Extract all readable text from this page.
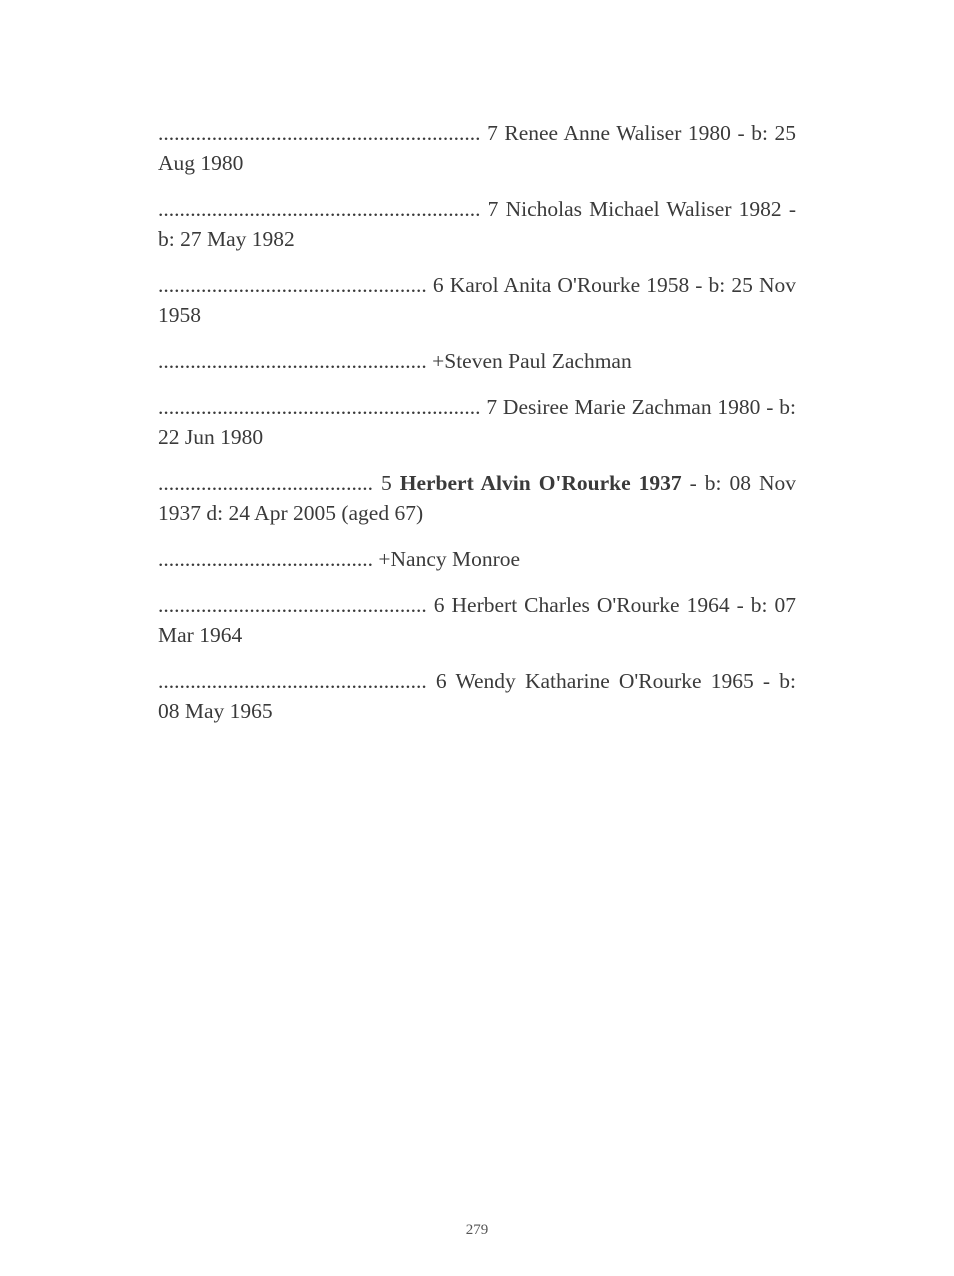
............................................................ 7 Renee Anne Waliser 1980 - b: 25 Aug 1980

............................................................ 7 Nicholas Michael Waliser 1982 - b: 27 May 1982

.................................................. 6 Karol Anita O'Rourke 1958 - b: 25 Nov 1958

.................................................. +Steven Paul Zachman

............................................................ 7 Desiree Marie Zachman 1980 - b: 22 Jun 1980

........................................ 5 Herbert Alvin O'Rourke 1937 - b: 08 Nov 1937 d: 24 Apr 2005 (aged 67)

........................................ +Nancy Monroe

.................................................. 6 Herbert Charles O'Rourke 1964 - b: 07 Mar 1964

.................................................. 6 Wendy Katharine O'Rourke 1965 - b: 08 May 1965

279
